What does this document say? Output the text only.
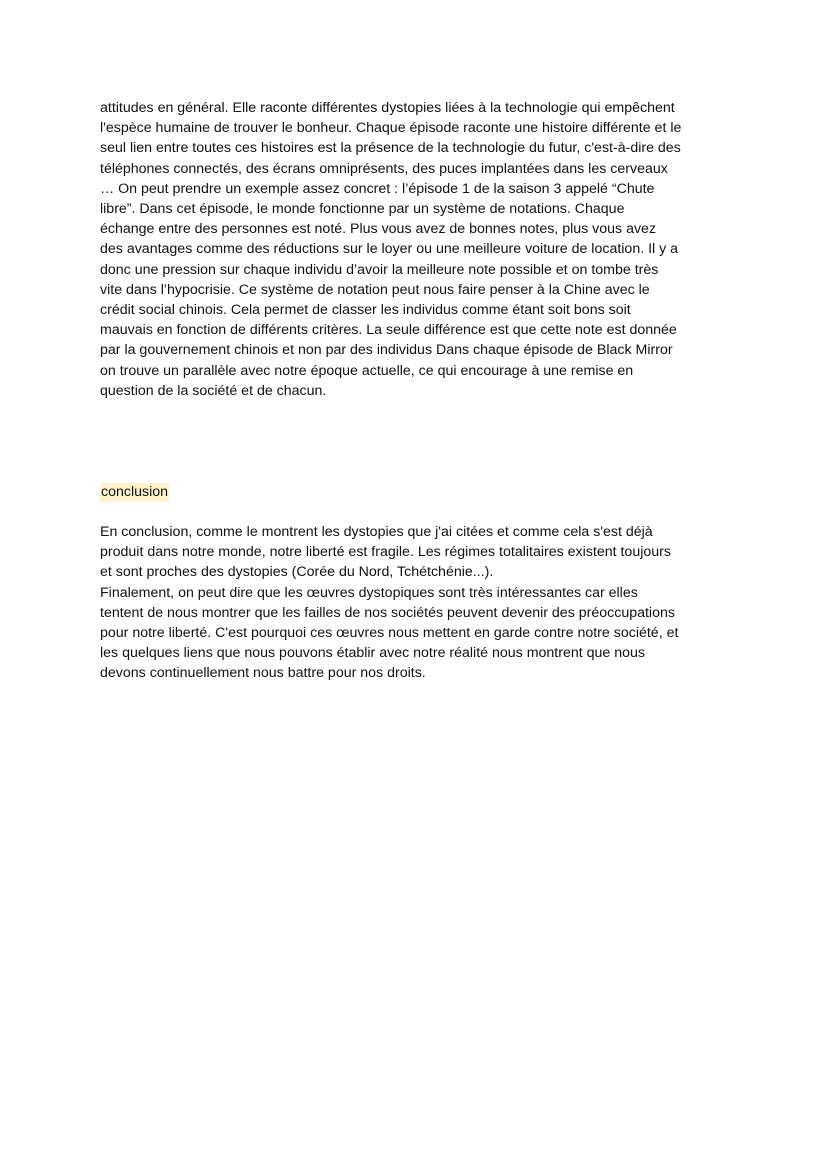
attitudes en général. Elle raconte différentes dystopies liées à la technologie qui empêchent
l'espèce humaine de trouver le bonheur. Chaque épisode raconte une histoire différente et le
seul lien entre toutes ces histoires est la présence de la technologie du futur, c'est-à-dire des
téléphones connectés, des écrans omniprésents, des puces implantées dans les cerveaux
… On peut prendre un exemple assez concret : l’épisode 1 de la saison 3 appelé “Chute
libre”. Dans cet épisode, le monde fonctionne par un système de notations. Chaque
échange entre des personnes est noté. Plus vous avez de bonnes notes, plus vous avez
des avantages comme des réductions sur le loyer ou une meilleure voiture de location. Il y a
donc une pression sur chaque individu d’avoir la meilleure note possible et on tombe très
vite dans l’hypocrisie. Ce système de notation peut nous faire penser à la Chine avec le
crédit social chinois. Cela permet de classer les individus comme étant soit bons soit
mauvais en fonction de différents critères. La seule différence est que cette note est donnée
par la gouvernement chinois et non par des individus Dans chaque épisode de Black Mirror
on trouve un parallèle avec notre époque actuelle, ce qui encourage à une remise en
question de la société et de chacun.
conclusion
En conclusion, comme le montrent les dystopies que j'ai citées et comme cela s'est déjà
produit dans notre monde, notre liberté est fragile. Les régimes totalitaires existent toujours
et sont proches des dystopies (Corée du Nord, Tchétchénie...).
Finalement, on peut dire que les œuvres dystopiques sont très intéressantes car elles
tentent de nous montrer que les failles de nos sociétés peuvent devenir des préoccupations
pour notre liberté. C'est pourquoi ces œuvres nous mettent en garde contre notre société, et
les quelques liens que nous pouvons établir avec notre réalité nous montrent que nous
devons continuellement nous battre pour nos droits.
